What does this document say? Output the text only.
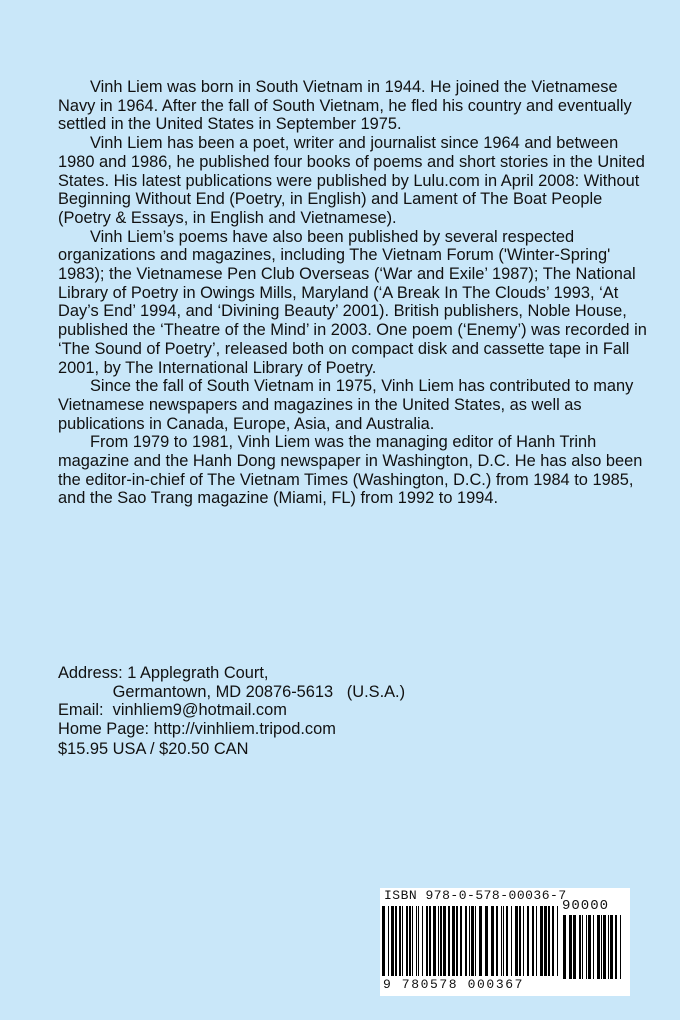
Vinh Liem was born in South Vietnam in 1944. He joined the Vietnamese Navy in 1964. After the fall of South Vietnam, he fled his country and eventually settled in the United States in September 1975.

Vinh Liem has been a poet, writer and journalist since 1964 and between 1980 and 1986, he published four books of poems and short stories in the United States. His latest publications were published by Lulu.com in April 2008: Without Beginning Without End (Poetry, in English) and Lament of The Boat People (Poetry & Essays, in English and Vietnamese).

Vinh Liem’s poems have also been published by several respected organizations and magazines, including The Vietnam Forum ('Winter-Spring' 1983); the Vietnamese Pen Club Overseas (‘War and Exile’ 1987); The National Library of Poetry in Owings Mills, Maryland (‘A Break In The Clouds’ 1993, ‘At Day’s End’ 1994, and ‘Divining Beauty’ 2001). British publishers, Noble House, published the ‘Theatre of the Mind’ in 2003. One poem (‘Enemy’) was recorded in ‘The Sound of Poetry’, released both on compact disk and cassette tape in Fall 2001, by The International Library of Poetry.

Since the fall of South Vietnam in 1975, Vinh Liem has contributed to many Vietnamese newspapers and magazines in the United States, as well as publications in Canada, Europe, Asia, and Australia.

From 1979 to 1981, Vinh Liem was the managing editor of Hanh Trinh magazine and the Hanh Dong newspaper in Washington, D.C. He has also been the editor-in-chief of The Vietnam Times (Washington, D.C.) from 1984 to 1985, and the Sao Trang magazine (Miami, FL) from 1992 to 1994.

Address: 1 Applegrath Court,
Germantown, MD 20876-5613   (U.S.A.)
Email:  vinhliem9@hotmail.com
Home Page: http://vinhliem.tripod.com
$15.95 USA / $20.50 CAN
ISBN 978-0-578-00036-7
90000
9 780578 000367
